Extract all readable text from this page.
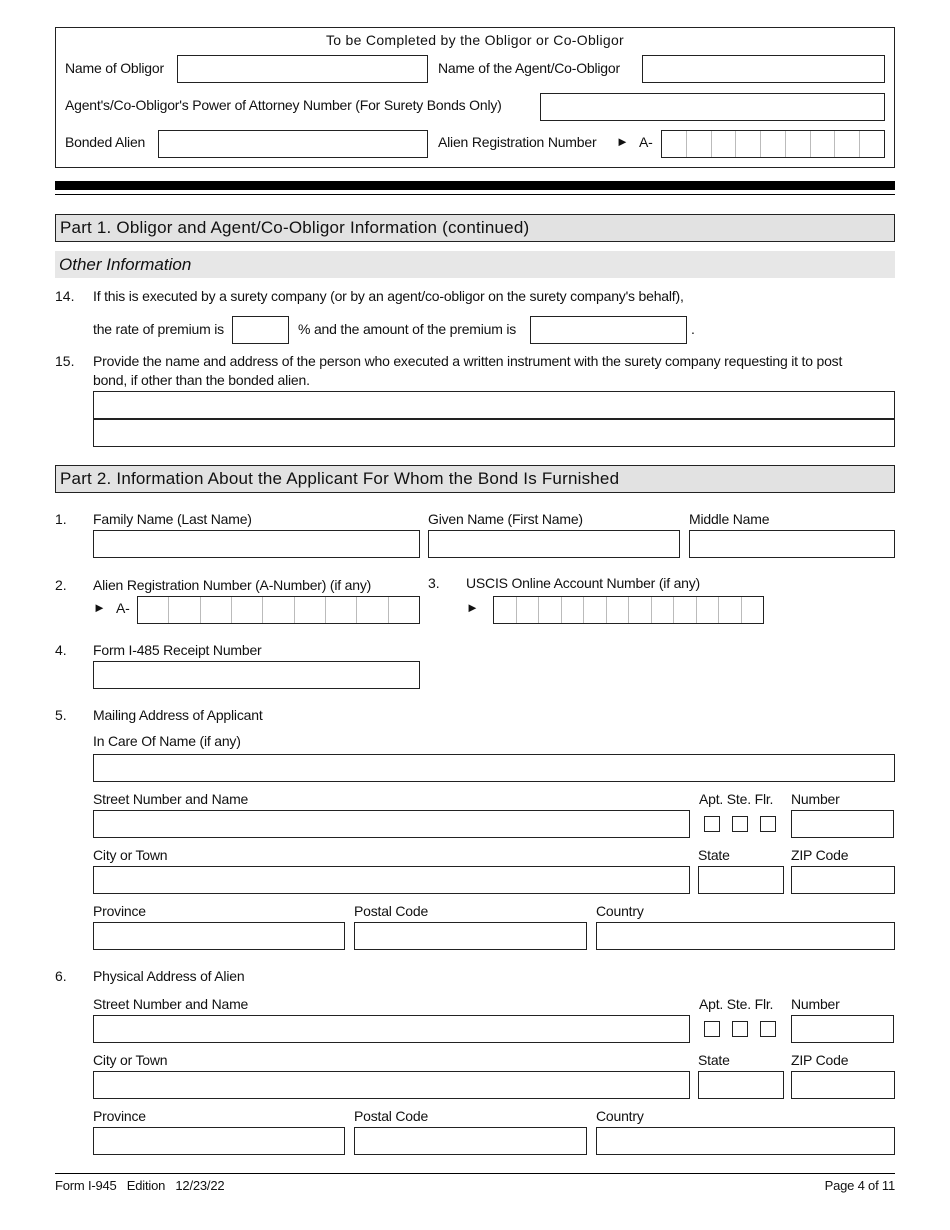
To be Completed by the Obligor or Co-Obligor
Name of Obligor	Name of the Agent/Co-Obligor
Agent's/Co-Obligor's Power of Attorney Number (For Surety Bonds Only)
Bonded Alien	Alien Registration Number ► A-
Part 1. Obligor and Agent/Co-Obligor Information (continued)
Other Information
14. If this is executed by a surety company (or by an agent/co-obligor on the surety company's behalf),
the rate of premium is	% and the amount of the premium is	.
15. Provide the name and address of the person who executed a written instrument with the surety company requesting it to post
bond, if other than the bonded alien.
Part 2. Information About the Applicant For Whom the Bond Is Furnished
1. Family Name (Last Name)	Given Name (First Name)	Middle Name
2. Alien Registration Number (A-Number) (if any)
► A-
3. USCIS Online Account Number (if any)
►
4. Form I-485 Receipt Number
5. Mailing Address of Applicant
In Care Of Name (if any)
Street Number and Name	Apt. Ste. Flr. Number
City or Town	State	ZIP Code
Province	Postal Code	Country
6. Physical Address of Alien
Street Number and Name	Apt. Ste. Flr. Number
City or Town	State	ZIP Code
Province	Postal Code	Country
Form I-945   Edition   12/23/22	Page 4 of 11
